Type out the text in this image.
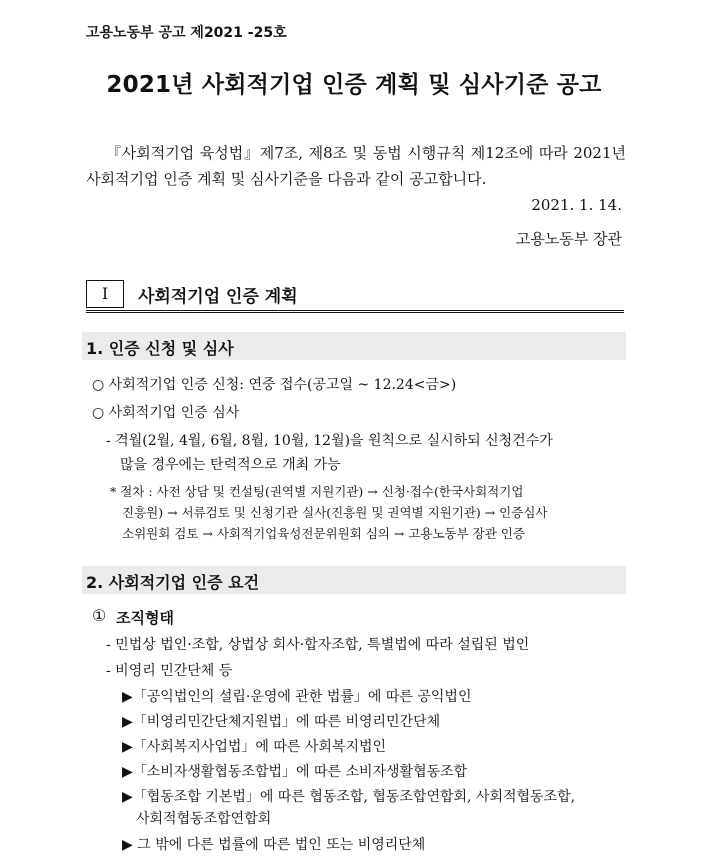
고용노동부 공고 제2021 -25호
2021년 사회적기업 인증 계획 및 심사기준 공고
『사회적기업 육성법』제7조, 제8조 및 동법 시행규칙 제12조에 따라 2021년 사회적기업 인증 계획 및 심사기준을 다음과 같이 공고합니다.
2021. 1. 14.
고용노동부 장관
Ⅰ	사회적기업 인증 계획
1. 인증 신청 및 심사
○ 사회적기업 인증 신청: 연중 접수(공고일 ~ 12.24<금>)
○ 사회적기업 인증 심사
- 격월(2월, 4월, 6월, 8월, 10월, 12월)을 원칙으로 실시하되 신청건수가
많을 경우에는 탄력적으로 개최 가능
* 절차 : 사전 상담 및 컨설팅(권역별 지원기관) → 신청·접수(한국사회적기업
진흥원) → 서류검토 및 신청기관 실사(진흥원 및 권역별 지원기관) → 인증심사
소위원회 검토 → 사회적기업육성전문위원회 심의 → 고용노동부 장관 인증
2. 사회적기업 인증 요건
① 조직형태
- 민법상 법인·조합, 상법상 회사·합자조합, 특별법에 따라 설립된 법인
- 비영리 민간단체 등
▶「공익법인의 설립·운영에 관한 법률」에 따른 공익법인
▶「비영리민간단체지원법」에 따른 비영리민간단체
▶「사회복지사업법」에 따른 사회복지법인
▶「소비자생활협동조합법」에 따른 소비자생활협동조합
▶「협동조합 기본법」에 따른 협동조합, 협동조합연합회, 사회적협동조합,
사회적협동조합연합회
▶ 그 밖에 다른 법률에 따른 법인 또는 비영리단체
